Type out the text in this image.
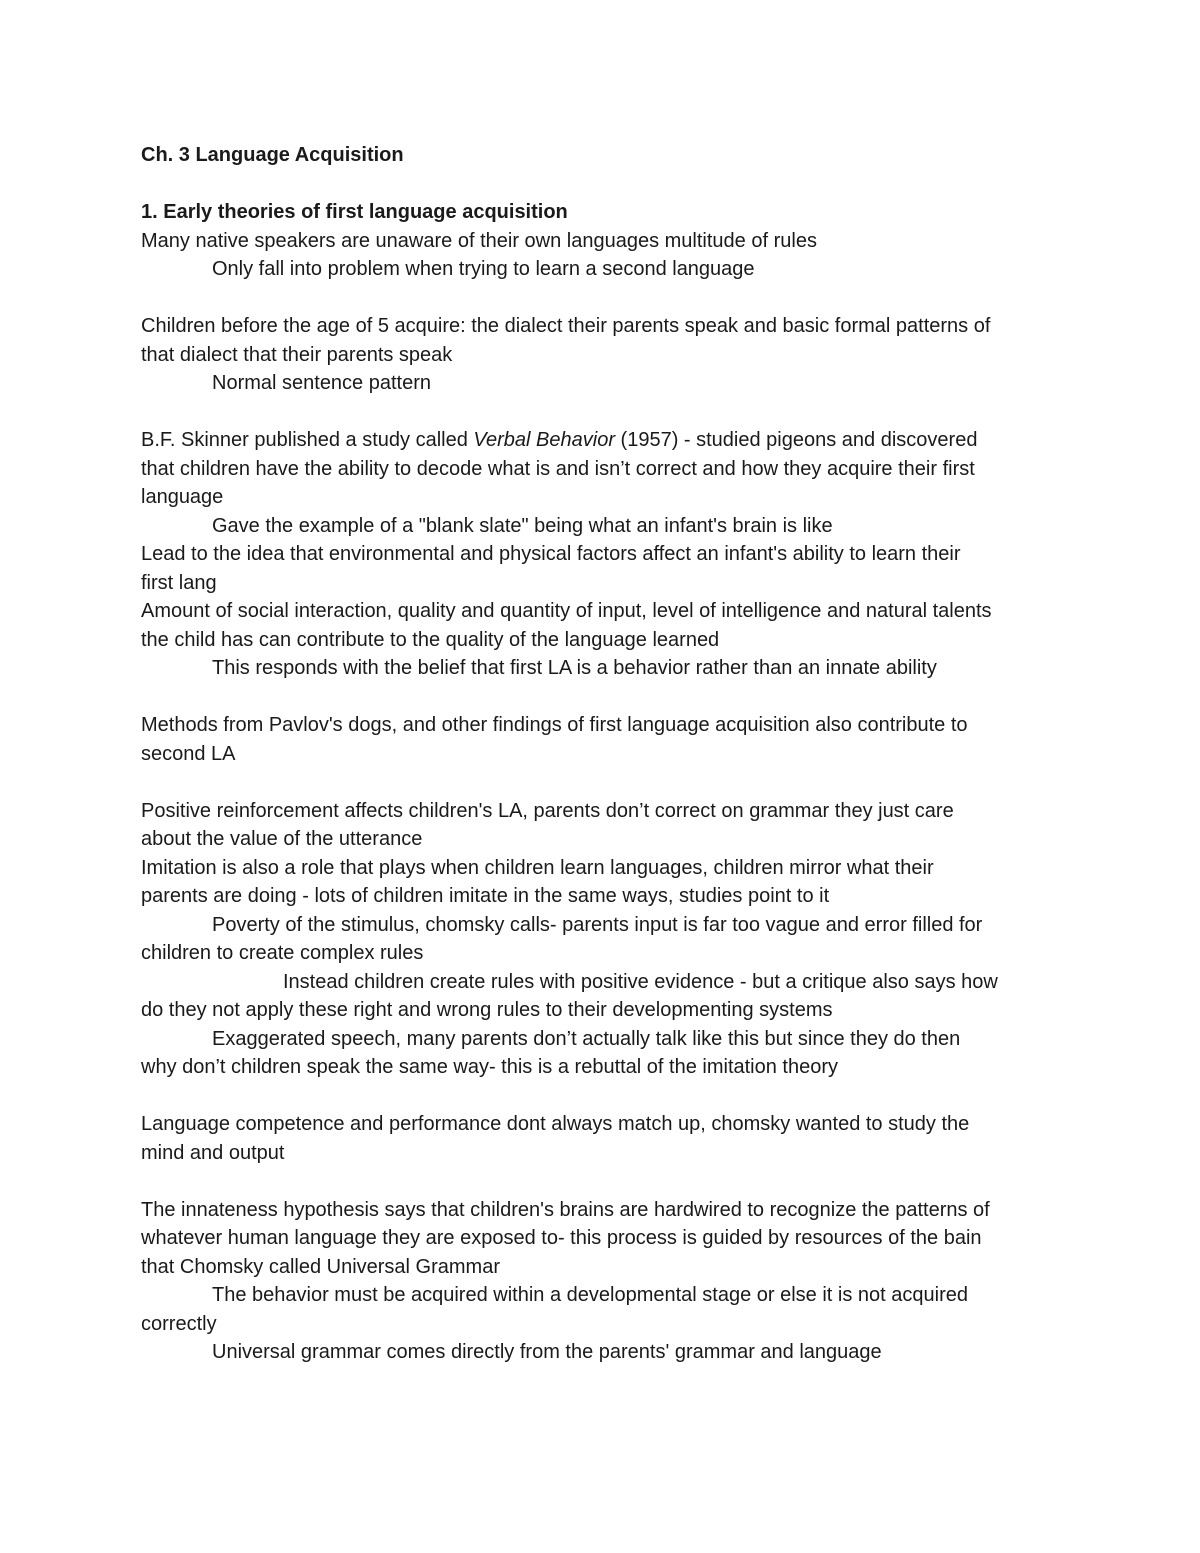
Ch. 3 Language Acquisition
1. Early theories of first language acquisition
Many native speakers are unaware of their own languages multitude of rules
Only fall into problem when trying to learn a second language
Children before the age of 5 acquire: the dialect their parents speak and basic formal patterns of
that dialect that their parents speak
Normal sentence pattern
B.F. Skinner published a study called Verbal Behavior (1957) - studied pigeons and discovered
that children have the ability to decode what is and isn’t correct and how they acquire their first
language
Gave the example of a "blank slate" being what an infant's brain is like
Lead to the idea that environmental and physical factors affect an infant's ability to learn their
first lang
Amount of social interaction, quality and quantity of input, level of intelligence and natural talents
the child has can contribute to the quality of the language learned
This responds with the belief that first LA is a behavior rather than an innate ability
Methods from Pavlov's dogs, and other findings of first language acquisition also contribute to
second LA
Positive reinforcement affects children's LA, parents don’t correct on grammar they just care
about the value of the utterance
Imitation is also a role that plays when children learn languages, children mirror what their
parents are doing - lots of children imitate in the same ways, studies point to it
Poverty of the stimulus, chomsky calls- parents input is far too vague and error filled for
children to create complex rules
Instead children create rules with positive evidence - but a critique also says how
do they not apply these right and wrong rules to their developmenting systems
Exaggerated speech, many parents don’t actually talk like this but since they do then
why don’t children speak the same way- this is a rebuttal of the imitation theory
Language competence and performance dont always match up, chomsky wanted to study the
mind and output
The innateness hypothesis says that children's brains are hardwired to recognize the patterns of
whatever human language they are exposed to- this process is guided by resources of the bain
that Chomsky called Universal Grammar
The behavior must be acquired within a developmental stage or else it is not acquired
correctly
Universal grammar comes directly from the parents' grammar and language
